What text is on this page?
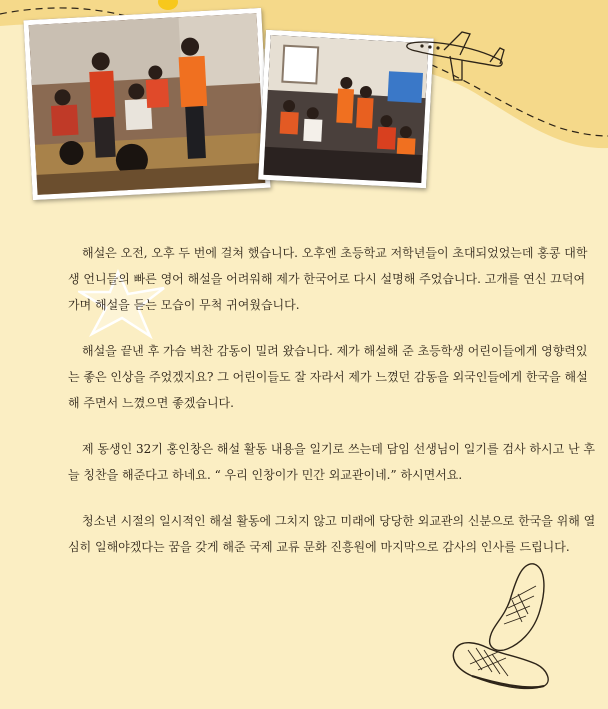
해설은 오전, 오후 두 번에 걸쳐 했습니다. 오후엔 초등학교 저학년들이 초대되었었는데 홍콩 대학생 언니들의 빠른 영어 해설을 어려워해 제가 한국어로 다시 설명해 주었습니다. 고개를 연신 끄덕여 가며 해설을 듣는 모습이 무척 귀여웠습니다.

해설을 끝낸 후 가슴 벅찬 감동이 밀려 왔습니다. 제가 해설해 준 초등학생 어린이들에게 영향력있는 좋은 인상을 주었겠지요? 그 어린이들도 잘 자라서 제가 느꼈던 감동을 외국인들에게 한국을 해설해 주면서 느꼈으면 좋겠습니다.

제 동생인 32기 홍인창은 해설 활동 내용을 일기로 쓰는데 담임 선생님이 일기를 검사 하시고 난 후 늘 칭찬을 해준다고 하네요. “ 우리 인창이가 민간 외교관이네.” 하시면서요.

청소년 시절의 일시적인 해설 활동에 그치지 않고 미래에 당당한 외교관의 신분으로 한국을 위해 열심히 일해야겠다는 꿈을 갖게 해준 국제 교류 문화 진흥원에 마지막으로 감사의 인사를 드립니다.
